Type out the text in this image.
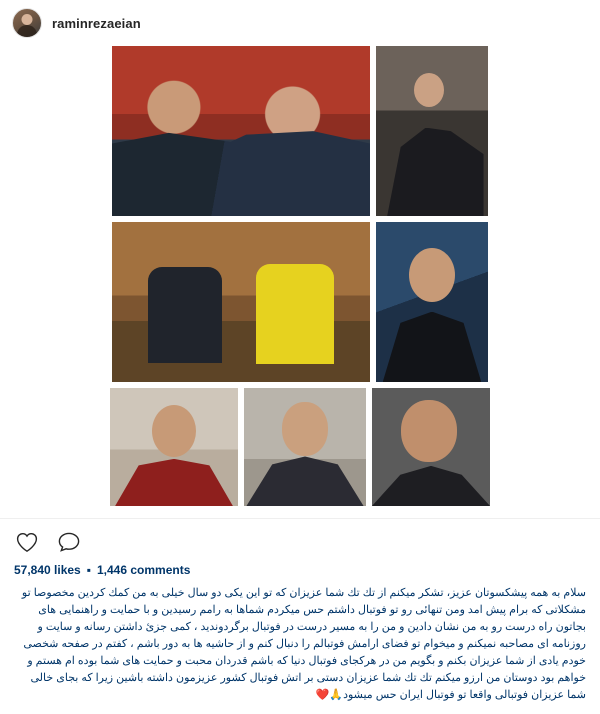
raminrezaeian
57,840 likes ▪ 1,446 comments
سلام به همه پیشکسوتان عزیز، تشکر میکنم از تك تك شما عزیزان كه تو این یكی دو سال خیلی به من كمك كردین مخصوصا تو مشكلاتی كه برام پیش امد ومن تنهائی رو تو فوتبال داشتم حس میكردم شماها به رامم رسیدین و با حمایت و راهنمایی های بجاتون راه درست رو به من نشان دادین و من را به مسیر درست در فوتبال برگردوندید ، كمی جزئ داشتن رسانه و سایت و روزنامه ای مصاحبه نمیكنم و میخوام تو فضای ارامش فوتبالم را دنبال كنم و از حاشیه ها به دور باشم ، كفتم در صفحه شخصی خودم یادی از شما عزیزان بكنم و بگویم من در هركجای فوتبال دنیا كه باشم قدردان محبت و حمایت های شما بوده ام هستم و خواهم بود دوستان من ارزو میكنم تك تك شما عزیزان دستی بر اتش فوتبال كشور عزیزمون داشته باشین زیرا كه بجای خالی شما عزیزان فوتبالی واقعا تو فوتبال ایران حس میشود🙏❤️
